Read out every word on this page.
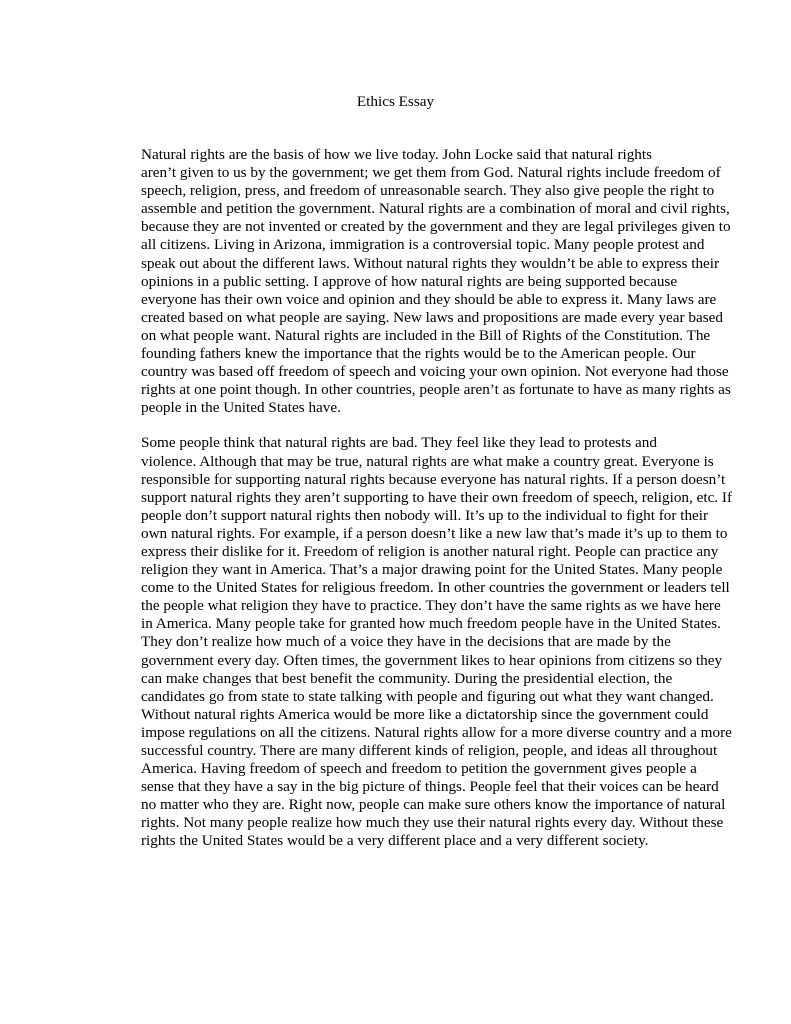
Ethics Essay

Natural rights are the basis of how we live today. John Locke said that natural rights
aren’t given to us by the government; we get them from God. Natural rights include freedom of
speech, religion, press, and freedom of unreasonable search. They also give people the right to
assemble and petition the government. Natural rights are a combination of moral and civil rights,
because they are not invented or created by the government and they are legal privileges given to
all citizens. Living in Arizona, immigration is a controversial topic. Many people protest and
speak out about the different laws. Without natural rights they wouldn’t be able to express their
opinions in a public setting. I approve of how natural rights are being supported because
everyone has their own voice and opinion and they should be able to express it. Many laws are
created based on what people are saying. New laws and propositions are made every year based
on what people want. Natural rights are included in the Bill of Rights of the Constitution. The
founding fathers knew the importance that the rights would be to the American people. Our
country was based off freedom of speech and voicing your own opinion. Not everyone had those
rights at one point though. In other countries, people aren’t as fortunate to have as many rights as
people in the United States have.

Some people think that natural rights are bad. They feel like they lead to protests and
violence. Although that may be true, natural rights are what make a country great. Everyone is
responsible for supporting natural rights because everyone has natural rights. If a person doesn’t
support natural rights they aren’t supporting to have their own freedom of speech, religion, etc. If
people don’t support natural rights then nobody will. It’s up to the individual to fight for their
own natural rights. For example, if a person doesn’t like a new law that’s made it’s up to them to
express their dislike for it. Freedom of religion is another natural right. People can practice any
religion they want in America. That’s a major drawing point for the United States. Many people
come to the United States for religious freedom. In other countries the government or leaders tell
the people what religion they have to practice. They don’t have the same rights as we have here
in America. Many people take for granted how much freedom people have in the United States.
They don’t realize how much of a voice they have in the decisions that are made by the
government every day. Often times, the government likes to hear opinions from citizens so they
can make changes that best benefit the community. During the presidential election, the
candidates go from state to state talking with people and figuring out what they want changed.
Without natural rights America would be more like a dictatorship since the government could
impose regulations on all the citizens. Natural rights allow for a more diverse country and a more
successful country. There are many different kinds of religion, people, and ideas all throughout
America. Having freedom of speech and freedom to petition the government gives people a
sense that they have a say in the big picture of things. People feel that their voices can be heard
no matter who they are. Right now, people can make sure others know the importance of natural
rights. Not many people realize how much they use their natural rights every day. Without these
rights the United States would be a very different place and a very different society.
